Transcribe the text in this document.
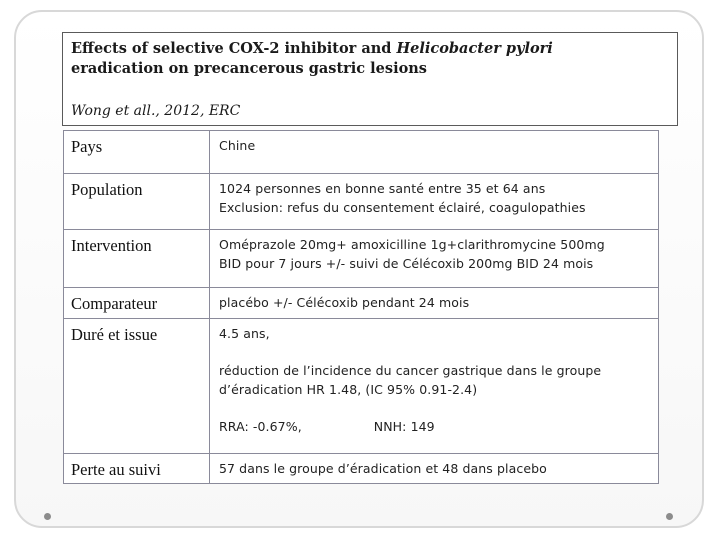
Effects of selective COX-2 inhibitor and Helicobacter pylori
eradication on precancerous gastric lesions
Wong et all., 2012, ERC
Pays	Chine

Population	1024 personnes en bonne santé entre 35 et 64 ans
Exclusion: refus du consentement éclairé, coagulopathies

Intervention	Oméprazole 20mg+ amoxicilline 1g+clarithromycine 500mg
BID pour 7 jours +/- suivi de Célécoxib 200mg BID 24 mois

Comparateur	placébo +/- Célécoxib pendant 24 mois

Duré et issue	4.5 ans,
réduction de l’incidence du cancer gastrique dans le groupe
d’éradication HR 1.48, (IC 95% 0.91-2.4)
RRA: -0.67%, NNH: 149

Perte au suivi	57 dans le groupe d’éradication et 48 dans placebo
